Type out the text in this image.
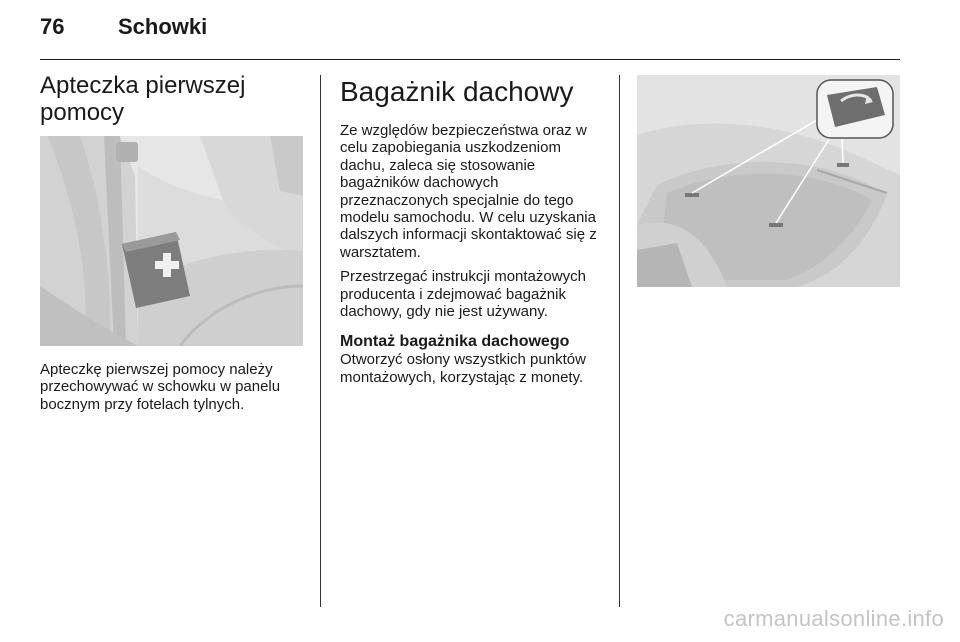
76 Schowki
Apteczka pierwszej pomocy

Apteczkę pierwszej pomocy należy przechowywać w schowku w panelu bocznym przy fotelach tylnych.

Bagażnik dachowy

Ze względów bezpieczeństwa oraz w celu zapobiegania uszkodzeniom dachu, zaleca się stosowanie bagażników dachowych przeznaczonych specjalnie do tego modelu samochodu. W celu uzyskania dalszych informacji skontaktować się z warsztatem.

Przestrzegać instrukcji montażowych producenta i zdejmować bagażnik dachowy, gdy nie jest używany.

Montaż bagażnika dachowego

Otworzyć osłony wszystkich punktów montażowych, korzystając z monety.

carmanualsonline.info
